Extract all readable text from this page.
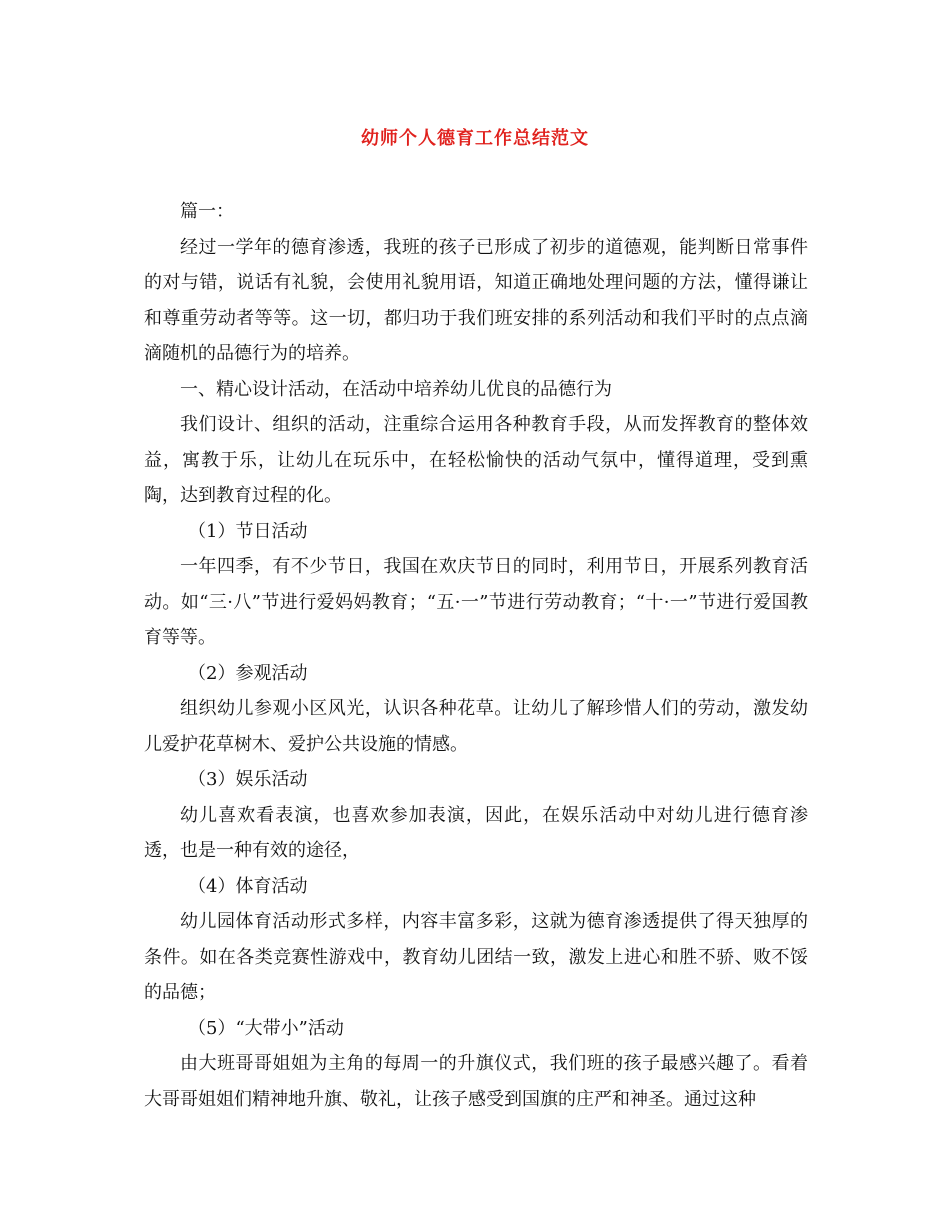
幼师个人德育工作总结范文

篇一：

经过一学年的德育渗透，我班的孩子已形成了初步的道德观，能判断日常事件的对与错，说话有礼貌，会使用礼貌用语，知道正确地处理问题的方法，懂得谦让和尊重劳动者等等。这一切，都归功于我们班安排的系列活动和我们平时的点点滴滴随机的品德行为的培养。

一、精心设计活动，在活动中培养幼儿优良的品德行为

我们设计、组织的活动，注重综合运用各种教育手段，从而发挥教育的整体效益，寓教于乐，让幼儿在玩乐中，在轻松愉快的活动气氛中，懂得道理，受到熏陶，达到教育过程的化。

（1）节日活动

一年四季，有不少节日，我国在欢庆节日的同时，利用节日，开展系列教育活动。如“三·八”节进行爱妈妈教育；“五·一”节进行劳动教育；“十·一”节进行爱国教育等等。

（2）参观活动

组织幼儿参观小区风光，认识各种花草。让幼儿了解珍惜人们的劳动，激发幼儿爱护花草树木、爱护公共设施的情感。

（3）娱乐活动

幼儿喜欢看表演，也喜欢参加表演，因此，在娱乐活动中对幼儿进行德育渗透，也是一种有效的途径，

（4）体育活动

幼儿园体育活动形式多样，内容丰富多彩，这就为德育渗透提供了得天独厚的条件。如在各类竞赛性游戏中，教育幼儿团结一致，激发上进心和胜不骄、败不馁的品德；

（5）“大带小”活动

由大班哥哥姐姐为主角的每周一的升旗仪式，我们班的孩子最感兴趣了。看着大哥哥姐姐们精神地升旗、敬礼，让孩子感受到国旗的庄严和神圣。通过这种
